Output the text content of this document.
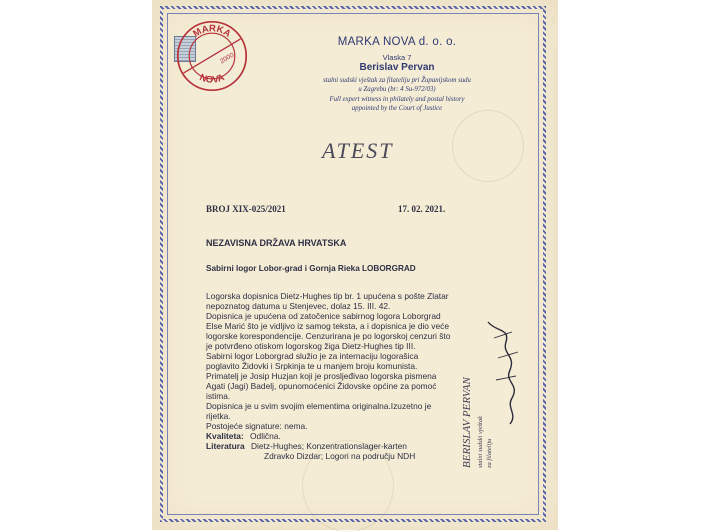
MARKA
NOVA
2000
MARKA NOVA d. o. o.
Vlaska 7
Berislav Pervan
stalni sudski vještak za filateliju pri Županijskom sudu
u Zagrebu (br: 4 Su-972/03)
Full expert witness in philately and postal history
appointed by the Court of Justice
ATEST
BROJ XIX-025/2021	17. 02. 2021.
NEZAVISNA DRŽAVA HRVATSKA
Sabirni logor Lobor-grad i Gornja Rieka LOBORGRAD
Logorska dopisnica Dietz-Hughes tip br. 1 upućena s pošte Zlatar
nepoznatog datuma u Stenjevec, dolaz 15. III. 42.
Dopisnica je upućena od zatočenice sabirnog logora Loborgrad
Else Marić što je vidljivo iz samog teksta, a i dopisnica je dio veće
logorske korespondencije. Cenzurirana je po logorskoj cenzuri što
je potvrđeno otiskom logorskog žiga Dietz-Hughes tip III.
Sabirni logor Loborgrad služio je za internaciju logorašica
poglavito Židovki i Srpkinja te u manjem broju komunista.
Primatelj je Josip Huzjan koji je prosljeđivao logorska pismena
Agati (Jagi) Badelj, opunomoćenici Židovske općine za pomoć
istima.
Dopisnica je u svim svojim elementima originalna.Izuzetno je
rijetka.
Postojeće signature: nema.
Kvaliteta: Odlična.
Literatura Dietz-Hughes; Konzentrationslager-karten
Zdravko Dizdar; Logori na području NDH	BERISLAV PERVAN stalni sudski vještak za filateliju
